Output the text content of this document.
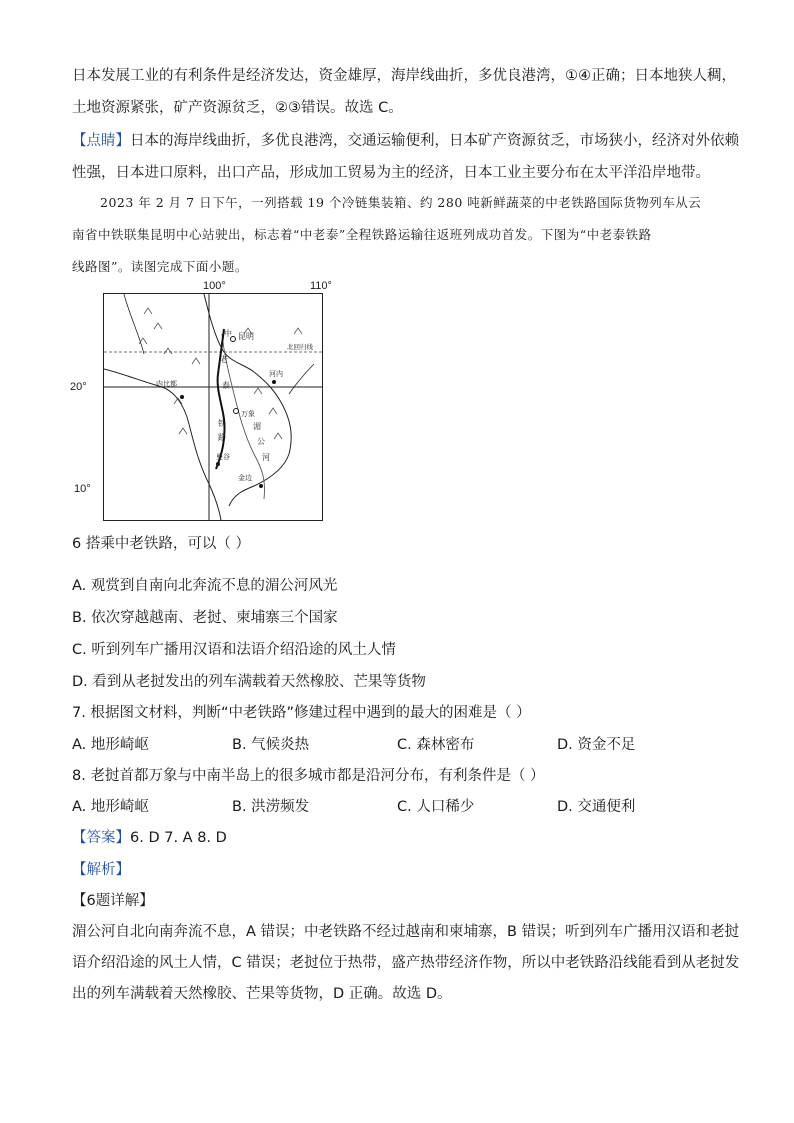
日本发展工业的有利条件是经济发达，资金雄厚，海岸线曲折，多优良港湾，①④正确；日本地狭人稠，

土地资源紧张，矿产资源贫乏，②③错误。故选 C。

【点睛】日本的海岸线曲折，多优良港湾，交通运输便利，日本矿产资源贫乏，市场狭小，经济对外依赖

性强，日本进口原料，出口产品，形成加工贸易为主的经济，日本工业主要分布在太平洋沿岸地带。

2023 年 2 月 7 日下午，一列搭载 19 个冷链集装箱、约 280 吨新鲜蔬菜的中老铁路国际货物列车从云

南省中铁联集昆明中心站驶出，标志着“中老泰”全程铁路运输往返班列成功首发。下图为“中老泰铁路

线路图”。读图完成下面小题。

100°	110°
20°
10°
中 昆明
北回归线
老
河内
内比都	泰
万象
铁	湄
路	公
曼谷	河
金边

6 搭乘中老铁路，可以（ ）

A. 观赏到自南向北奔流不息的湄公河风光

B. 依次穿越越南、老挝、柬埔寨三个国家

C. 听到列车广播用汉语和法语介绍沿途的风土人情

D. 看到从老挝发出的列车满载着天然橡胶、芒果等货物

7. 根据图文材料，判断“中老铁路”修建过程中遇到的最大的困难是（ ）

A. 地形崎岖	B. 气候炎热	C. 森林密布	D. 资金不足

8. 老挝首都万象与中南半岛上的很多城市都是沿河分布，有利条件是（ ）

A. 地形崎岖	B. 洪涝频发	C. 人口稀少	D. 交通便利

【答案】6. D 7. A 8. D

【解析】

【6题详解】

湄公河自北向南奔流不息，A 错误；中老铁路不经过越南和柬埔寨，B 错误；听到列车广播用汉语和老挝

语介绍沿途的风土人情，C 错误；老挝位于热带，盛产热带经济作物，所以中老铁路沿线能看到从老挝发

出的列车满载着天然橡胶、芒果等货物，D 正确。故选 D。
